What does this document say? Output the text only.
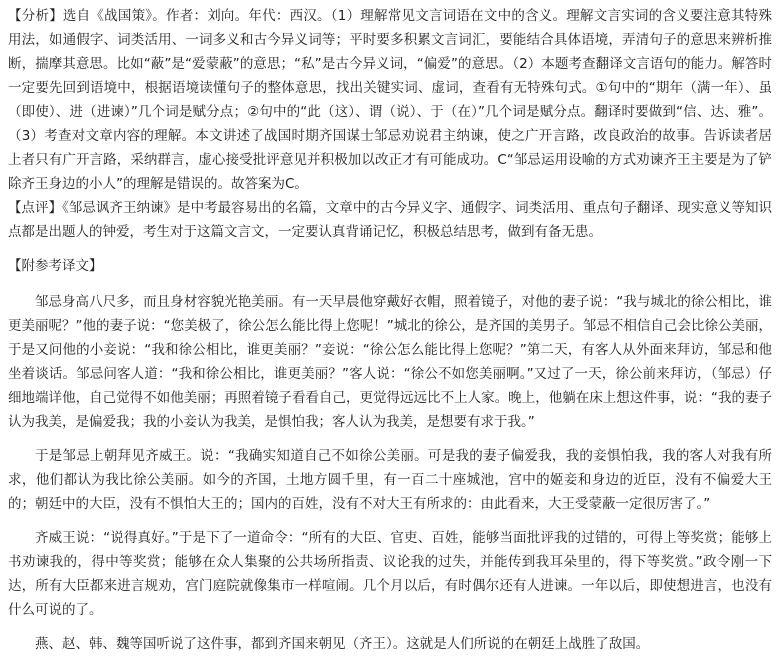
【分析】选自《战国策》。作者：刘向。年代：西汉。（1）理解常见文言词语在文中的含义。理解文言实词的含义要注意其特殊用法，如通假字、词类活用、一词多义和古今异义词等；平时要多积累文言词汇，要能结合具体语境，弄清句子的意思来辨析推断，揣摩其意思。比如“蔽”是“爱蒙蔽”的意思；“私”是古今异义词，“偏爱”的意思。（2）本题考查翻译文言语句的能力。解答时一定要先回到语境中，根据语境读懂句子的整体意思，找出关键实词、虚词，查看有无特殊句式。①句中的“期年（满一年）、虽（即使）、进（进谏）”几个词是赋分点；②句中的“此（这）、谓（说）、于（在）”几个词是赋分点。翻译时要做到“信、达、雅”。（3）考查对文章内容的理解。本文讲述了战国时期齐国谋士邹忌劝说君主纳谏，使之广开言路，改良政治的故事。告诉读者居上者只有广开言路，采纳群言，虚心接受批评意见并积极加以改正才有可能成功。C“邹忌运用设喻的方式劝谏齐王主要是为了铲除齐王身边的小人”的理解是错误的。故答案为C。

【点评】《邹忌讽齐王纳谏》是中考最容易出的名篇，文章中的古今异义字、通假字、词类活用、重点句子翻译、现实意义等知识点都是出题人的钟爱，考生对于这篇文言文，一定要认真背诵记忆，积极总结思考，做到有备无患。

【附参考译文】

邹忌身高八尺多，而且身材容貌光艳美丽。有一天早晨他穿戴好衣帽，照着镜子，对他的妻子说：“我与城北的徐公相比，谁更美丽呢？”他的妻子说：“您美极了，徐公怎么能比得上您呢！”城北的徐公，是齐国的美男子。邹忌不相信自己会比徐公美丽，于是又问他的小妾说：“我和徐公相比，谁更美丽？”妾说：“徐公怎么能比得上您呢？”第二天，有客人从外面来拜访，邹忌和他坐着谈话。邹忌问客人道：“我和徐公相比，谁更美丽？”客人说：“徐公不如您美丽啊。”又过了一天，徐公前来拜访，（邹忌）仔细地端详他，自己觉得不如他美丽；再照着镜子看看自己，更觉得远远比不上人家。晚上，他躺在床上想这件事，说：“我的妻子认为我美，是偏爱我；我的小妾认为我美，是惧怕我；客人认为我美，是想要有求于我。”

于是邹忌上朝拜见齐威王。说：“我确实知道自己不如徐公美丽。可是我的妻子偏爱我，我的妾惧怕我，我的客人对我有所求，他们都认为我比徐公美丽。如今的齐国，土地方圆千里，有一百二十座城池，宫中的姬妾和身边的近臣，没有不偏爱大王的；朝廷中的大臣，没有不惧怕大王的；国内的百姓，没有不对大王有所求的：由此看来，大王受蒙蔽一定很厉害了。”

齐威王说：“说得真好。”于是下了一道命令：“所有的大臣、官吏、百姓，能够当面批评我的过错的，可得上等奖赏；能够上书劝谏我的，得中等奖赏；能够在众人集聚的公共场所指责、议论我的过失，并能传到我耳朵里的，得下等奖赏。”政令刚一下达，所有大臣都来进言规劝，宫门庭院就像集市一样喧闹。几个月以后，有时偶尔还有人进谏。一年以后，即使想进言，也没有什么可说的了。

燕、赵、韩、魏等国听说了这件事，都到齐国来朝见（齐王）。这就是人们所说的在朝廷上战胜了敌国。
